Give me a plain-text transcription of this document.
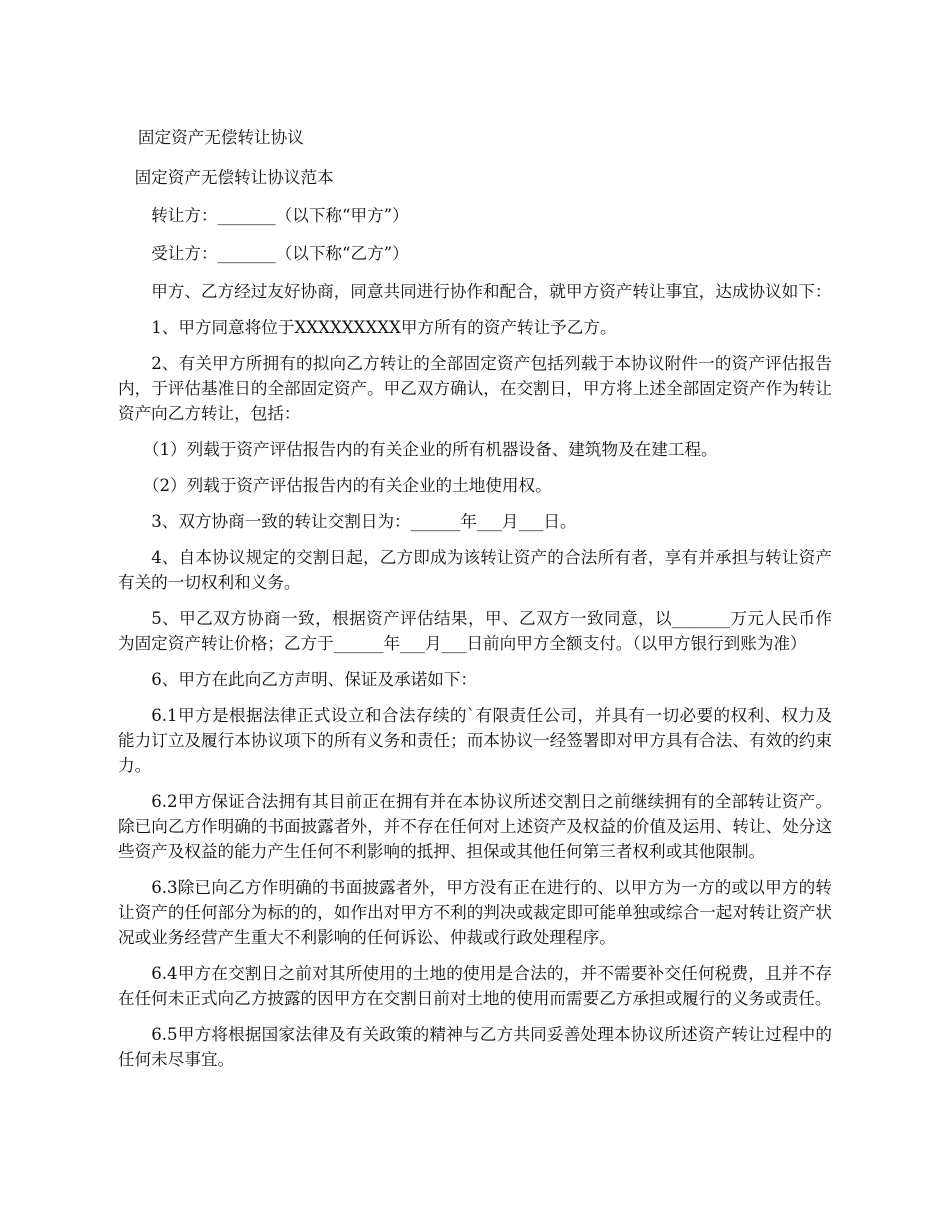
固定资产无偿转让协议

固定资产无偿转让协议范本

转让方：_______（以下称“甲方”）

受让方：_______（以下称“乙方”）

甲方、乙方经过友好协商，同意共同进行协作和配合，就甲方资产转让事宜，达成协议如下：

1、甲方同意将位于XXXXXXXXX甲方所有的资产转让予乙方。

2、有关甲方所拥有的拟向乙方转让的全部固定资产包括列载于本协议附件一的资产评估报告内，于评估基准日的全部固定资产。甲乙双方确认，在交割日，甲方将上述全部固定资产作为转让资产向乙方转让，包括：

（1）列载于资产评估报告内的有关企业的所有机器设备、建筑物及在建工程。

（2）列载于资产评估报告内的有关企业的土地使用权。

3、双方协商一致的转让交割日为：______年___月___日。

4、自本协议规定的交割日起，乙方即成为该转让资产的合法所有者，享有并承担与转让资产有关的一切权利和义务。

5、甲乙双方协商一致，根据资产评估结果，甲、乙双方一致同意，以_______万元人民币作为固定资产转让价格；乙方于______年___月___日前向甲方全额支付。（以甲方银行到账为准）

6、甲方在此向乙方声明、保证及承诺如下：

6.1甲方是根据法律正式设立和合法存续的`有限责任公司，并具有一切必要的权利、权力及能力订立及履行本协议项下的所有义务和责任；而本协议一经签署即对甲方具有合法、有效的约束力。

6.2甲方保证合法拥有其目前正在拥有并在本协议所述交割日之前继续拥有的全部转让资产。除已向乙方作明确的书面披露者外，并不存在任何对上述资产及权益的价值及运用、转让、处分这些资产及权益的能力产生任何不利影响的抵押、担保或其他任何第三者权利或其他限制。

6.3除已向乙方作明确的书面披露者外，甲方没有正在进行的、以甲方为一方的或以甲方的转让资产的任何部分为标的的，如作出对甲方不利的判决或裁定即可能单独或综合一起对转让资产状况或业务经营产生重大不利影响的任何诉讼、仲裁或行政处理程序。

6.4甲方在交割日之前对其所使用的土地的使用是合法的，并不需要补交任何税费，且并不存在任何未正式向乙方披露的因甲方在交割日前对土地的使用而需要乙方承担或履行的义务或责任。

6.5甲方将根据国家法律及有关政策的精神与乙方共同妥善处理本协议所述资产转让过程中的任何未尽事宜。
